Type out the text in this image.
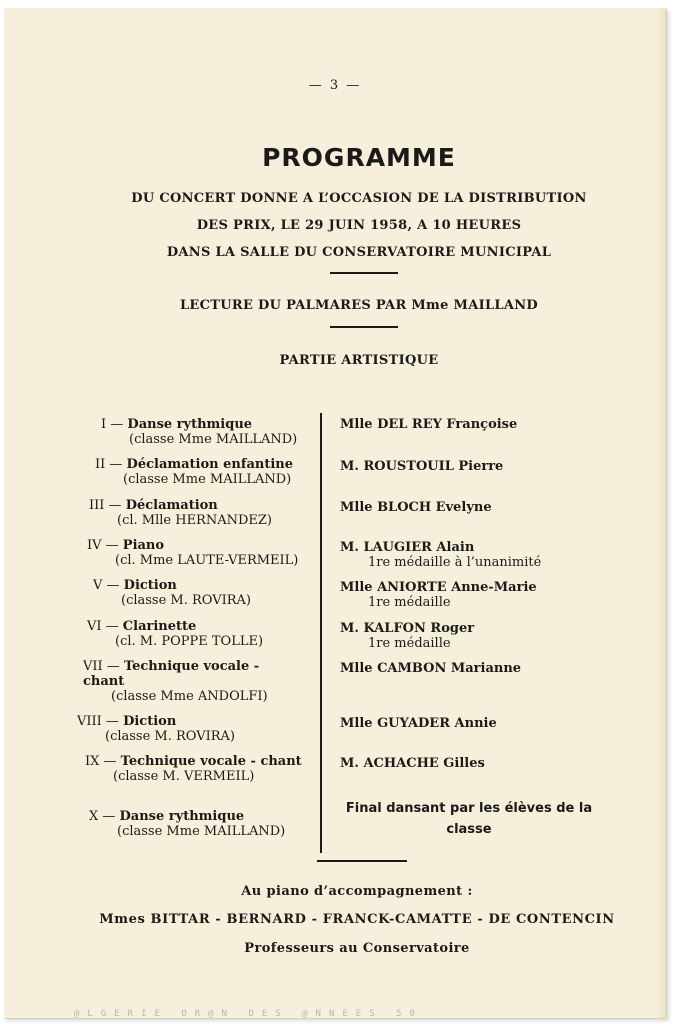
— 3 —
PROGRAMME
DU CONCERT DONNE A L’OCCASION DE LA DISTRIBUTION
DES PRIX, LE 29 JUIN 1958, A 10 HEURES
DANS LA SALLE DU CONSERVATOIRE MUNICIPAL
LECTURE DU PALMARES PAR Mme MAILLAND
PARTIE ARTISTIQUE
I — Danse rythmique
(classe Mme MAILLAND)
II — Déclamation enfantine
(classe Mme MAILLAND)
III — Déclamation
(cl. Mlle HERNANDEZ)
IV — Piano
(cl. Mme LAUTE-VERMEIL)
V — Diction
(classe M. ROVIRA)
VI — Clarinette
(cl. M. POPPE TOLLE)
VII — Technique vocale - chant
(classe Mme ANDOLFI)
VIII — Diction
(classe M. ROVIRA)
IX — Technique vocale - chant
(classe M. VERMEIL)
X — Danse rythmique
(classe Mme MAILLAND)
Mlle DEL REY Françoise
M. ROUSTOUIL Pierre
Mlle BLOCH Evelyne
M. LAUGIER Alain
1re médaille à l’unanimité
Mlle ANIORTE Anne-Marie
1re médaille
M. KALFON Roger
1re médaille
Mlle CAMBON Marianne
Mlle GUYADER Annie
M. ACHACHE Gilles
Final dansant par les élèves de la classe
Au piano d’accompagnement :
Mmes BITTAR - BERNARD - FRANCK-CAMATTE - DE CONTENCIN
Professeurs au Conservatoire
@LGERIE OR@N DES @NNEES 50
